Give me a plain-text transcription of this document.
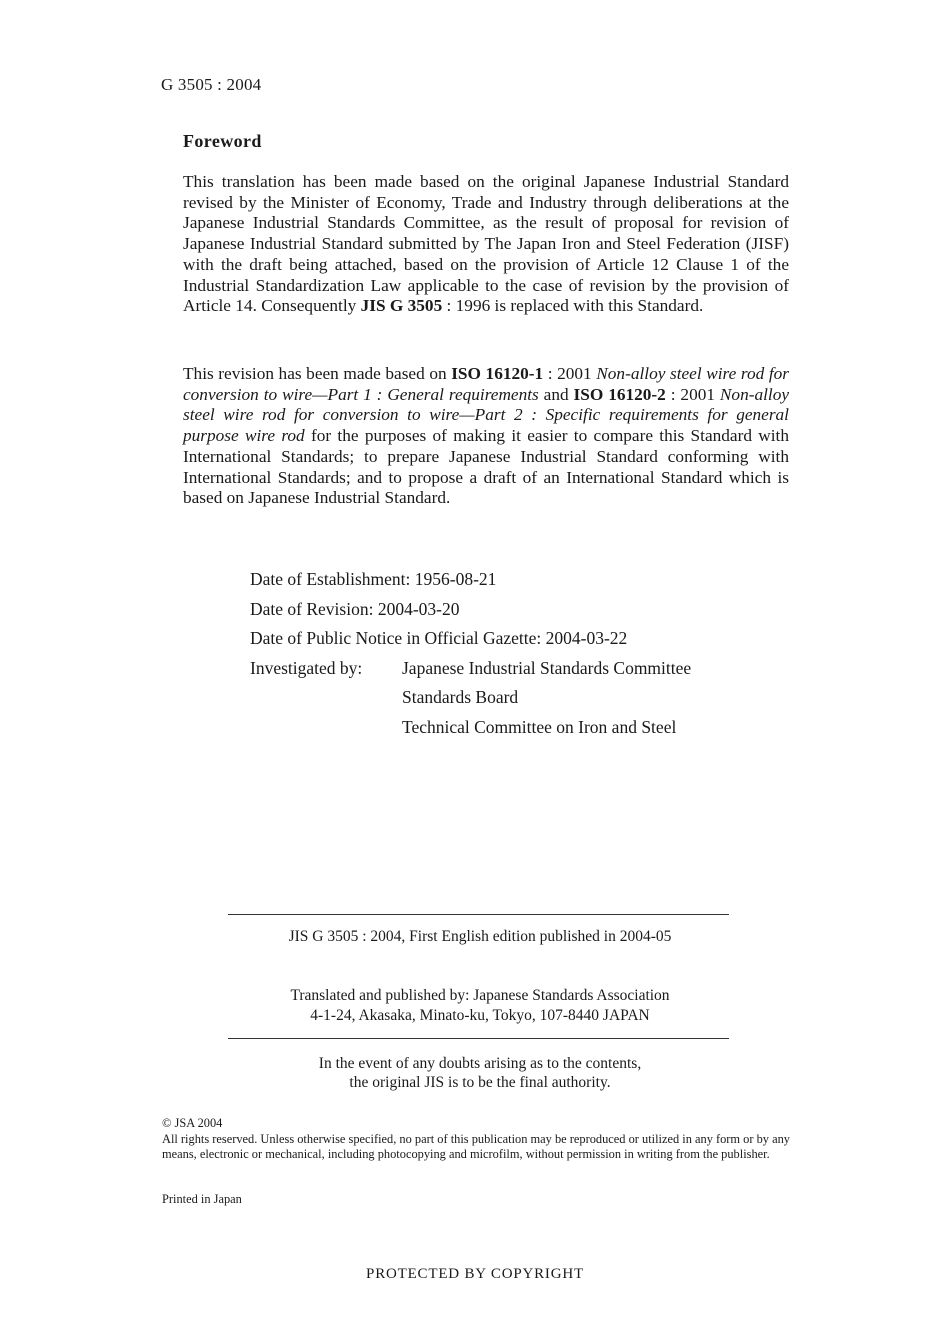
G 3505 : 2004
Foreword

This translation has been made based on the original Japanese Industrial Standard revised by the Minister of Economy, Trade and Industry through deliberations at the Japanese Industrial Standards Committee, as the result of proposal for revision of Japanese Industrial Standard submitted by The Japan Iron and Steel Federation (JISF) with the draft being attached, based on the provision of Article 12 Clause 1 of the Industrial Standardization Law applicable to the case of revision by the provision of Article 14. Consequently JIS G 3505 : 1996 is replaced with this Standard.

This revision has been made based on ISO 16120-1 : 2001 Non-alloy steel wire rod for conversion to wire—Part 1 : General requirements and ISO 16120-2 : 2001 Non-alloy steel wire rod for conversion to wire—Part 2 : Specific requirements for general purpose wire rod for the purposes of making it easier to compare this Standard with International Standards; to prepare Japanese Industrial Standard conforming with International Standards; and to propose a draft of an International Standard which is based on Japanese Industrial Standard.

Date of Establishment: 1956-08-21
Date of Revision: 2004-03-20
Date of Public Notice in Official Gazette: 2004-03-22
Investigated by:	Japanese Industrial Standards Committee
Standards Board
Technical Committee on Iron and Steel
JIS G 3505 : 2004, First English edition published in 2004-05
Translated and published by: Japanese Standards Association
4-1-24, Akasaka, Minato-ku, Tokyo, 107-8440 JAPAN
In the event of any doubts arising as to the contents,
the original JIS is to be the final authority.
© JSA 2004
All rights reserved. Unless otherwise specified, no part of this publication may be reproduced or utilized in any form or by any means, electronic or mechanical, including photocopying and microfilm, without permission in writing from the publisher.
Printed in Japan
PROTECTED BY COPYRIGHT
